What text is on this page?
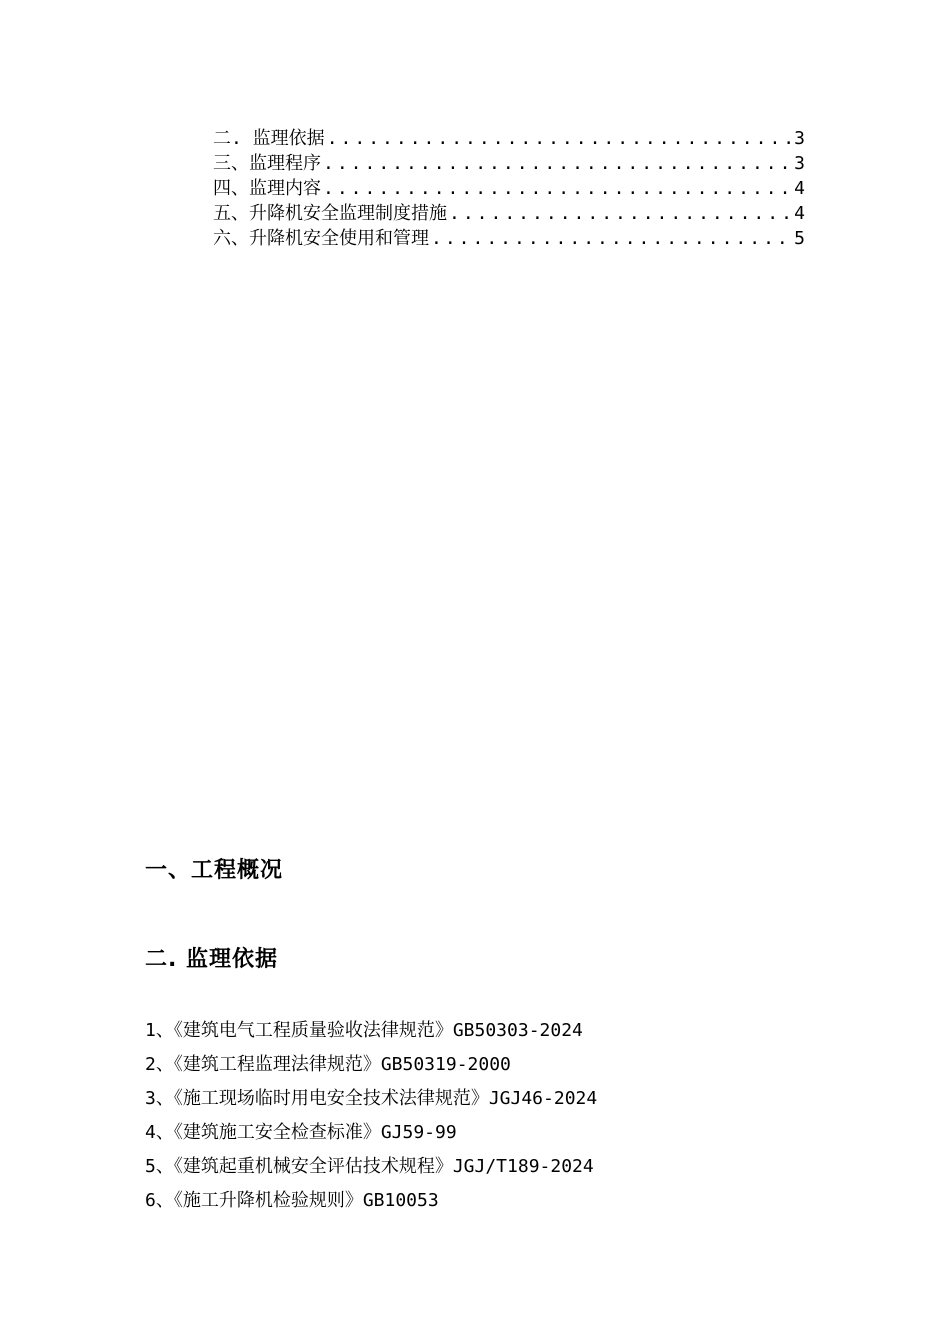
二. 监理依据 .....	3
三、监理程序 .....	3
四、监理内容 .....	4
五、升降机安全监理制度措施 .....	4
六、升降机安全使用和管理 .....	5
一、工程概况
二. 监理依据
1、《建筑电气工程质量验收法律规范》GB50303-2024
2、《建筑工程监理法律规范》GB50319-2000
3、《施工现场临时用电安全技术法律规范》JGJ46-2024
4、《建筑施工安全检查标准》GJ59-99
5、《建筑起重机械安全评估技术规程》JGJ/T189-2024
6、《施工升降机检验规则》GB10053
